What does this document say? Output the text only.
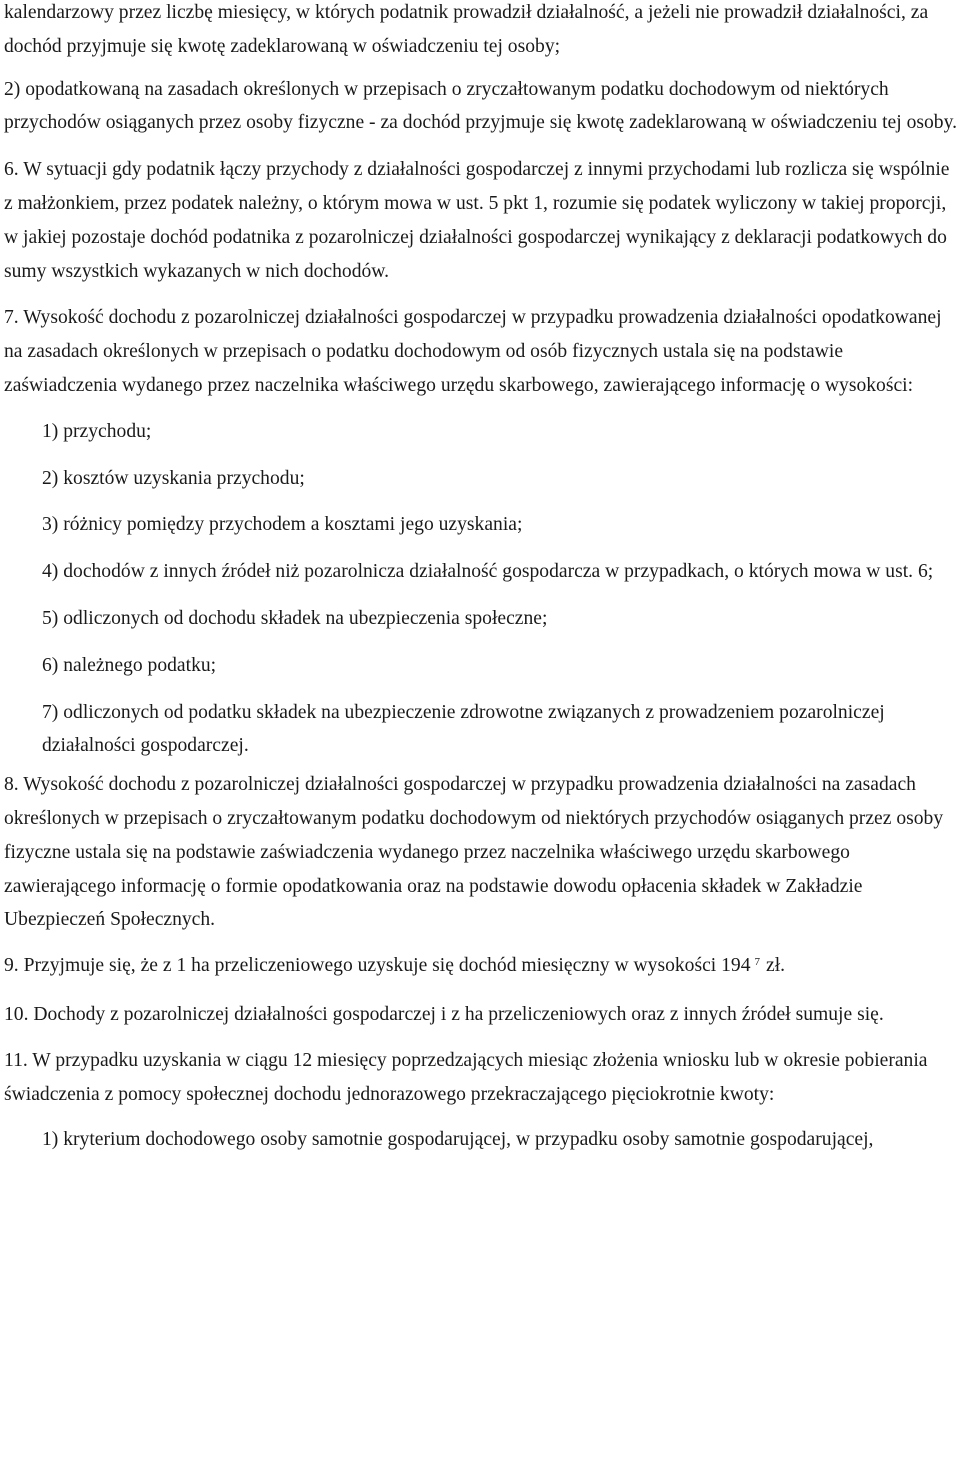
kalendarzowy przez liczbę miesięcy, w których podatnik prowadził działalność, a jeżeli nie prowadził działalności, za dochód przyjmuje się kwotę zadeklarowaną w oświadczeniu tej osoby;

2) opodatkowaną na zasadach określonych w przepisach o zryczałtowanym podatku dochodowym od niektórych przychodów osiąganych przez osoby fizyczne - za dochód przyjmuje się kwotę zadeklarowaną w oświadczeniu tej osoby.

6. W sytuacji gdy podatnik łączy przychody z działalności gospodarczej z innymi przychodami lub rozlicza się wspólnie z małżonkiem, przez podatek należny, o którym mowa w ust. 5 pkt 1, rozumie się podatek wyliczony w takiej proporcji, w jakiej pozostaje dochód podatnika z pozarolniczej działalności gospodarczej wynikający z deklaracji podatkowych do sumy wszystkich wykazanych w nich dochodów.

7. Wysokość dochodu z pozarolniczej działalności gospodarczej w przypadku prowadzenia działalności opodatkowanej na zasadach określonych w przepisach o podatku dochodowym od osób fizycznych ustala się na podstawie zaświadczenia wydanego przez naczelnika właściwego urzędu skarbowego, zawierającego informację o wysokości:

1) przychodu;

2) kosztów uzyskania przychodu;

3) różnicy pomiędzy przychodem a kosztami jego uzyskania;

4) dochodów z innych źródeł niż pozarolnicza działalność gospodarcza w przypadkach, o których mowa w ust. 6;

5) odliczonych od dochodu składek na ubezpieczenia społeczne;

6) należnego podatku;

7) odliczonych od podatku składek na ubezpieczenie zdrowotne związanych z prowadzeniem pozarolniczej działalności gospodarczej.

8. Wysokość dochodu z pozarolniczej działalności gospodarczej w przypadku prowadzenia działalności na zasadach określonych w przepisach o zryczałtowanym podatku dochodowym od niektórych przychodów osiąganych przez osoby fizyczne ustala się na podstawie zaświadczenia wydanego przez naczelnika właściwego urzędu skarbowego zawierającego informację o formie opodatkowania oraz na podstawie dowodu opłacenia składek w Zakładzie Ubezpieczeń Społecznych.

9. Przyjmuje się, że z 1 ha przeliczeniowego uzyskuje się dochód miesięczny w wysokości 194 $^7$ zł.

10. Dochody z pozarolniczej działalności gospodarczej i z ha przeliczeniowych oraz z innych źródeł sumuje się.

11. W przypadku uzyskania w ciągu 12 miesięcy poprzedzających miesiąc złożenia wniosku lub w okresie pobierania świadczenia z pomocy społecznej dochodu jednorazowego przekraczającego pięciokrotnie kwoty:

1) kryterium dochodowego osoby samotnie gospodarującej, w przypadku osoby samotnie gospodarującej,
